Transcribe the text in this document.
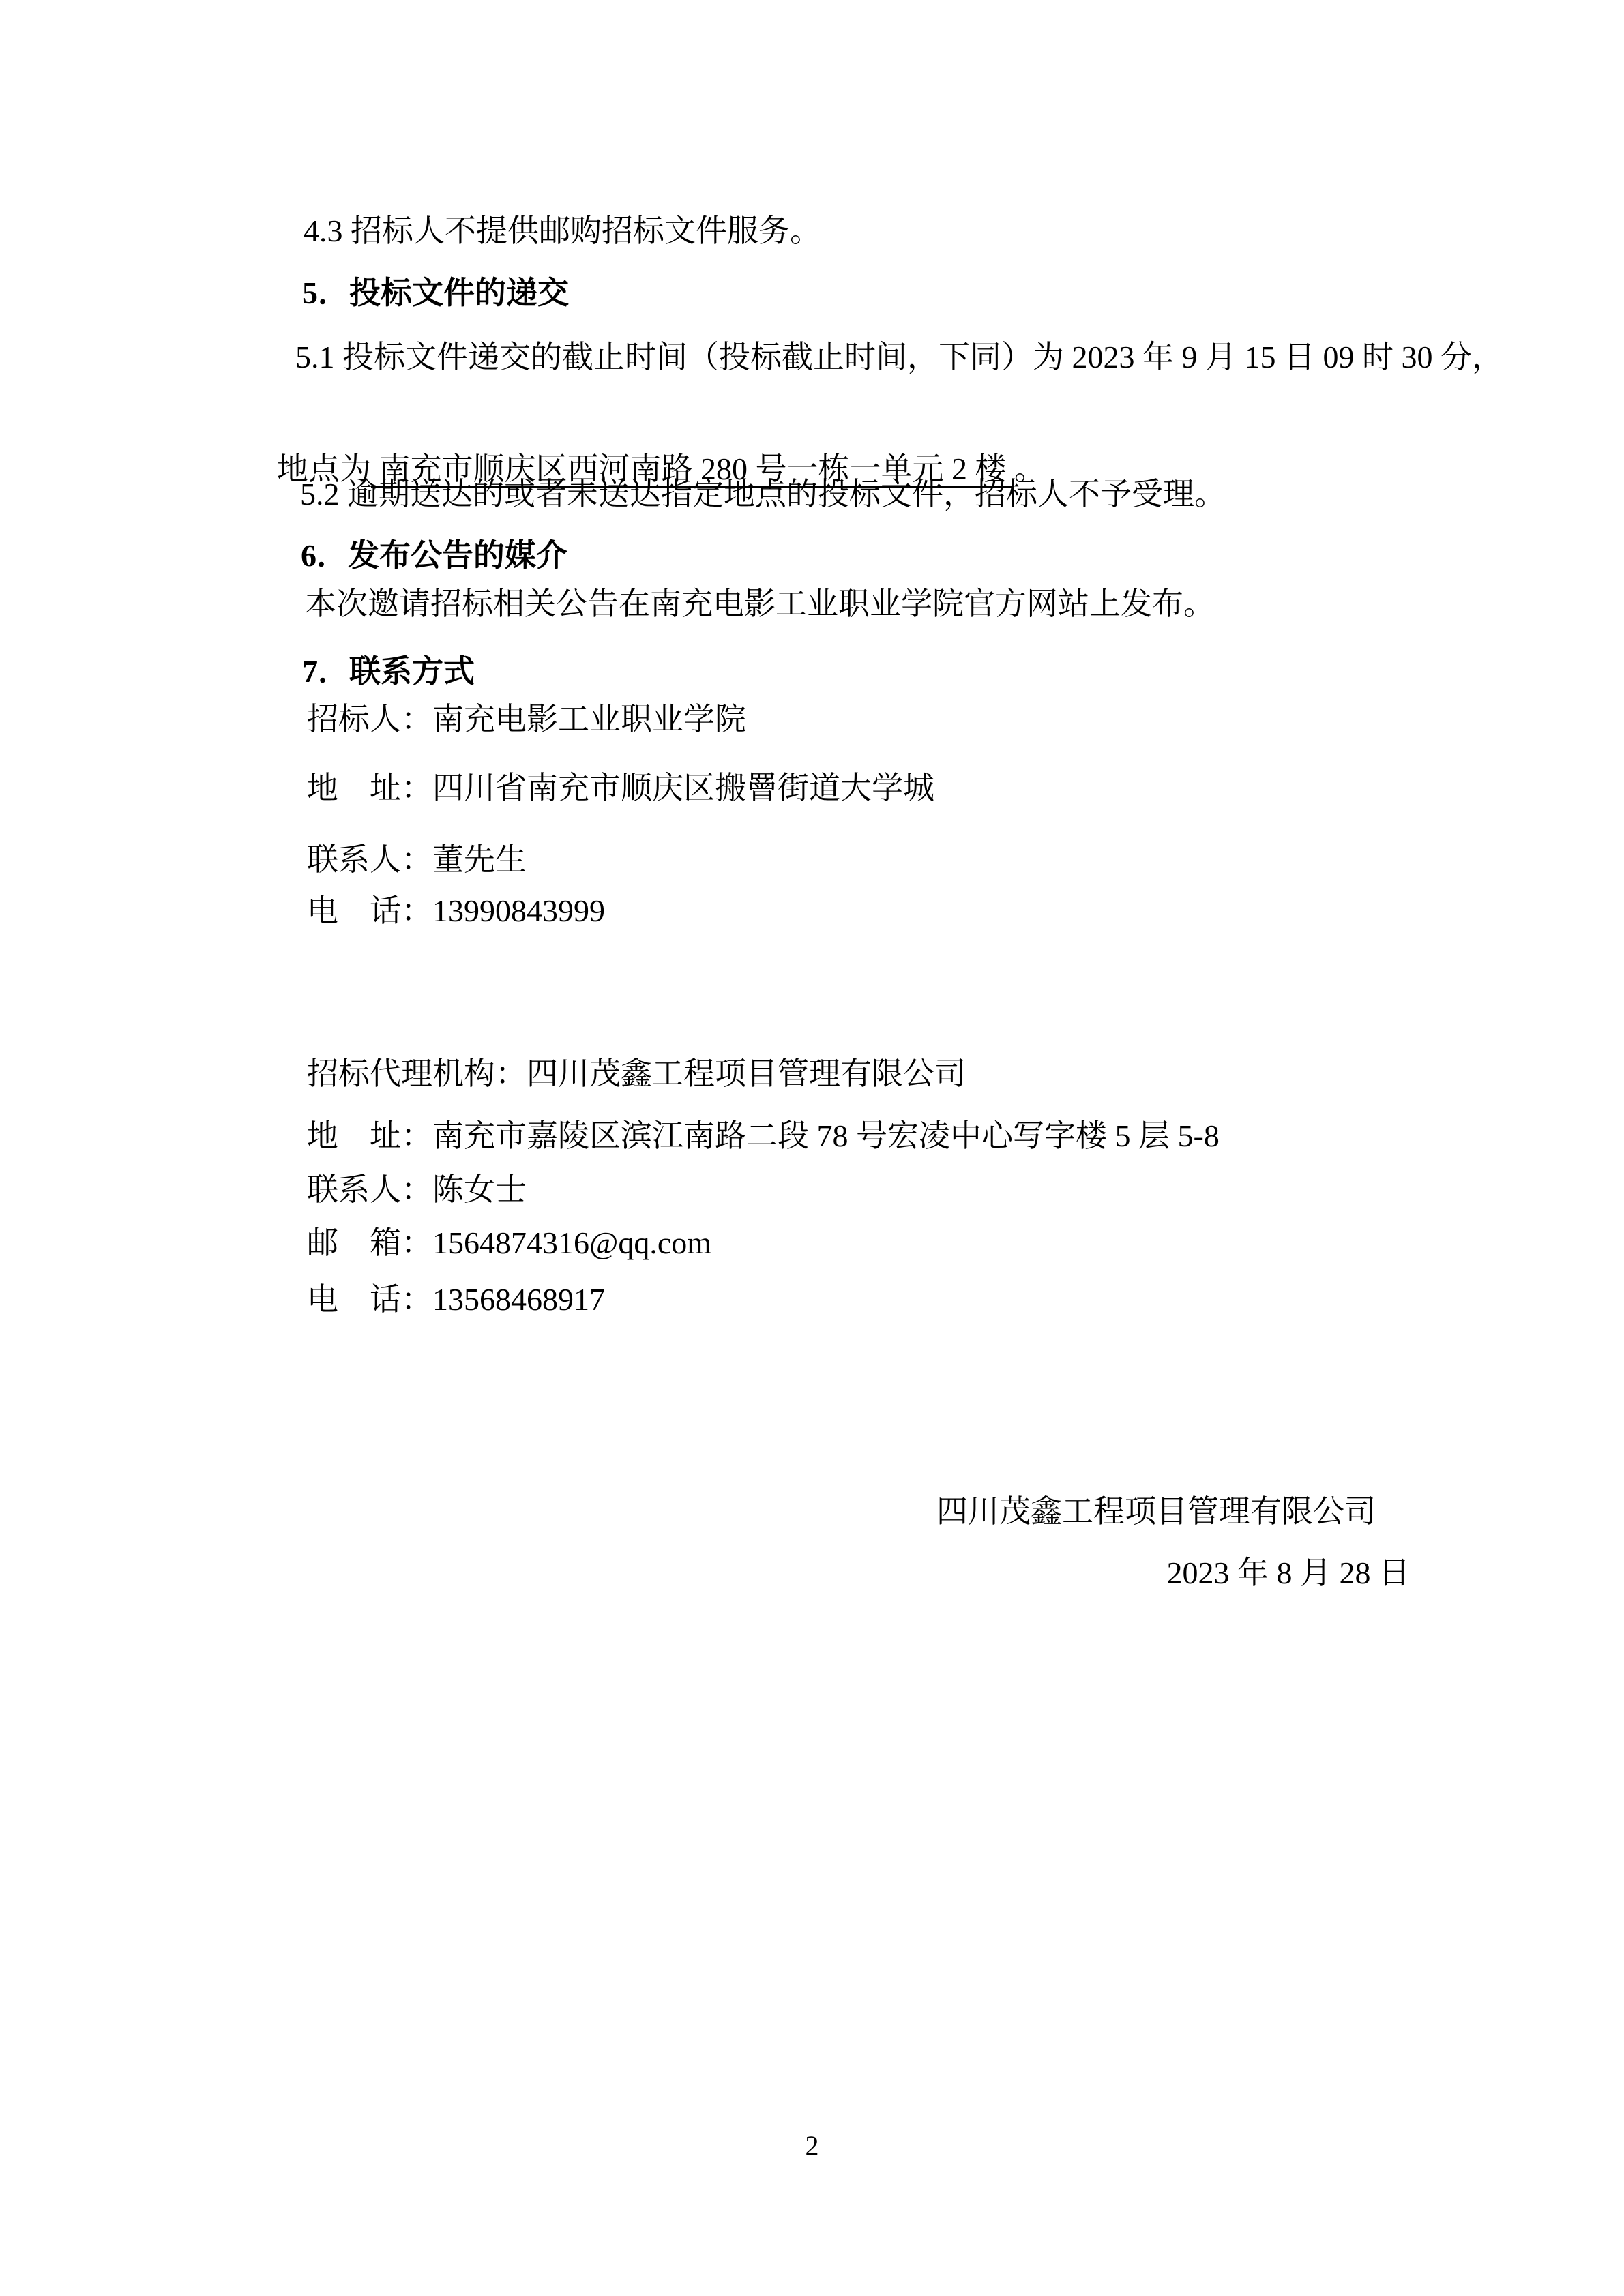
4.3 招标人不提供邮购招标文件服务。
5．投标文件的递交
5.1 投标文件递交的截止时间（投标截止时间，下同）为 2023 年 9 月 15 日 09 时 30 分，

地点为 南充市顺庆区西河南路 280 号一栋一单元 2 楼 。

5.2 逾期送达的或者未送达指定地点的投标文件，招标人不予受理。
6．发布公告的媒介
本次邀请招标相关公告在南充电影工业职业学院官方网站上发布。
7．联系方式
招标人：南充电影工业职业学院
地　址：四川省南充市顺庆区搬罾街道大学城
联系人：董先生
电　话：13990843999
招标代理机构：四川茂鑫工程项目管理有限公司
地　址：南充市嘉陵区滨江南路二段 78 号宏凌中心写字楼 5 层 5-8
联系人：陈女士
邮　箱：1564874316@qq.com
电　话：13568468917
四川茂鑫工程项目管理有限公司
2023 年 8 月 28 日
2
